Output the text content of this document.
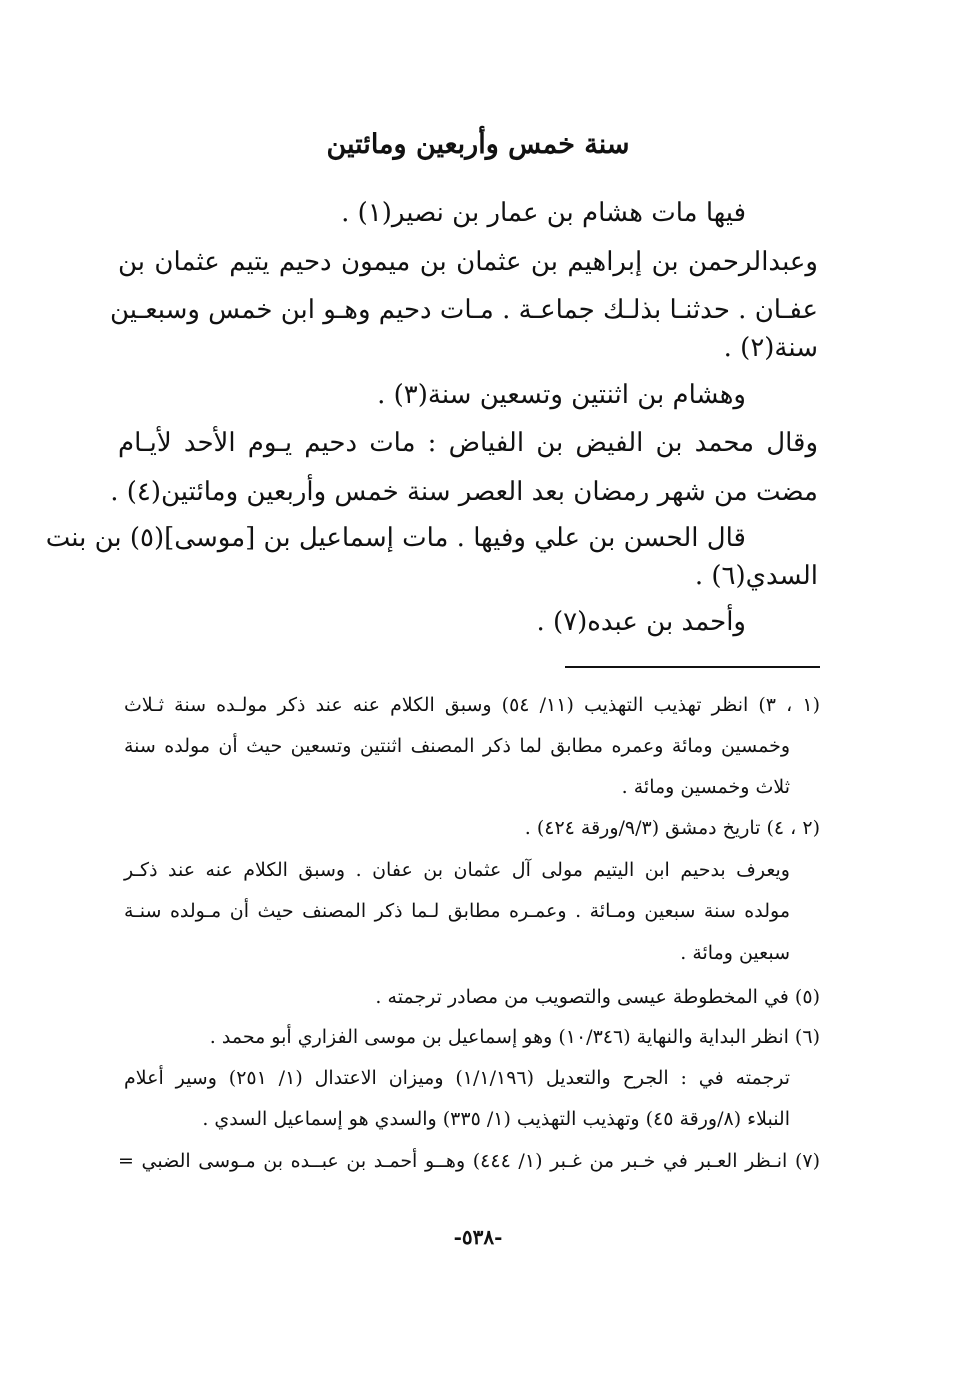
سنة خمس وأربعين ومائتين
فيها مات هشام بن عمار بن نصير(١) .
وعبدالرحمن بن إبراهيم بن عثمان بن ميمون دحيم يتيم عثمان بن
عفـان . حدثنـا بذلـك جماعـة . مـات دحيم وهـو ابن خمس وسبعـين
سنة(٢) .
وهشام بن اثنتين وتسعين سنة(٣) .
وقال محمد بن الفيض بن الفياض : مات دحيم يـوم الأحد لأيـام
مضت من شهر رمضان بعد العصر سنة خمس وأربعين ومائتين(٤) .
قال الحسن بن علي وفيها . مات إسماعيل بن [موسى](٥) بن بنت
السدي(٦) .
وأحمد بن عبده(٧) .
(١ ، ٣) انظر تهذيب التهذيب (١١/ ٥٤) وسبق الكلام عنه عند ذكر مولـده سنة ثـلاث
وخمسين ومائة وعمره مطابق لما ذكر المصنف اثنتين وتسعين حيث أن مولده سنة
ثلاث وخمسين ومائة .
(٢ ، ٤) تاريخ دمشق (٩/٣/ورقة ٤٢٤) .
ويعرف بدحيم ابن اليتيم مولى آل عثمان بن عفان . وسبق الكلام عنه عند ذكـر
مولده سنة سبعين ومـائة . وعمـره مطابق لـما ذكر المصنف حيث أن مـولده سنـة
سبعين ومائة .
(٥) في المخطوطة عيسى والتصويب من مصادر ترجمته .
(٦) انظر البداية والنهاية (١٠/٣٤٦) وهو إسماعيل بن موسى الفزاري أبو محمد .
ترجمته في : الجرح والتعديل (١/١/١٩٦) وميزان الاعتدال (١/ ٢٥١) وسير أعلام
النبلاء (٨/ورقة ٤٥) وتهذيب التهذيب (١/ ٣٣٥) والسدي هو إسماعيل السدي .
(٧) انـظر العـبر في خـبر من غـبر (١/ ٤٤٤) وهــو أحمـد بن عبــده بن مـوسى الضبي =
-٥٣٨-
